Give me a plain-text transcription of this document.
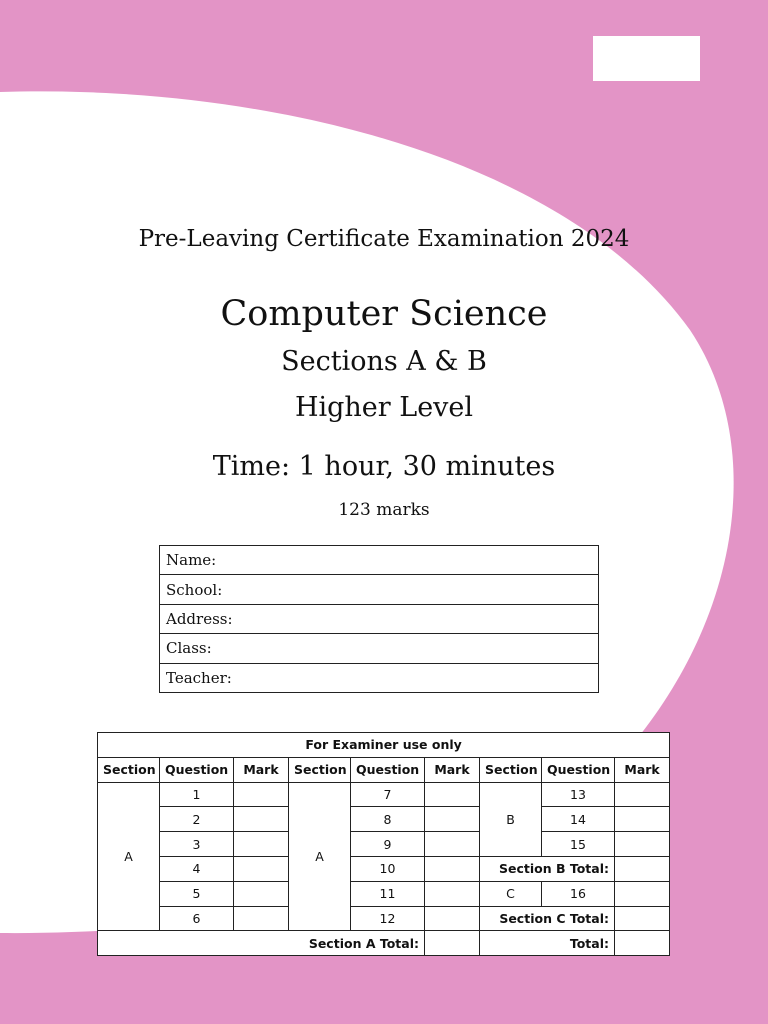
Pre-Leaving Certificate Examination 2024
Computer Science
Sections A & B
Higher Level
Time: 1 hour, 30 minutes
123 marks
Name:
School:
Address:
Class:
Teacher:
For Examiner use only								
Section	Question	Mark	Section	Question	Mark	Section	Question	Mark
A	1		A	7		B	13	
	2			8			14	
	3			9			15	
	4			10		Section B Total:		
	5			11		C	16	
	6			12		Section C Total:		
Section A Total:						Total:		
